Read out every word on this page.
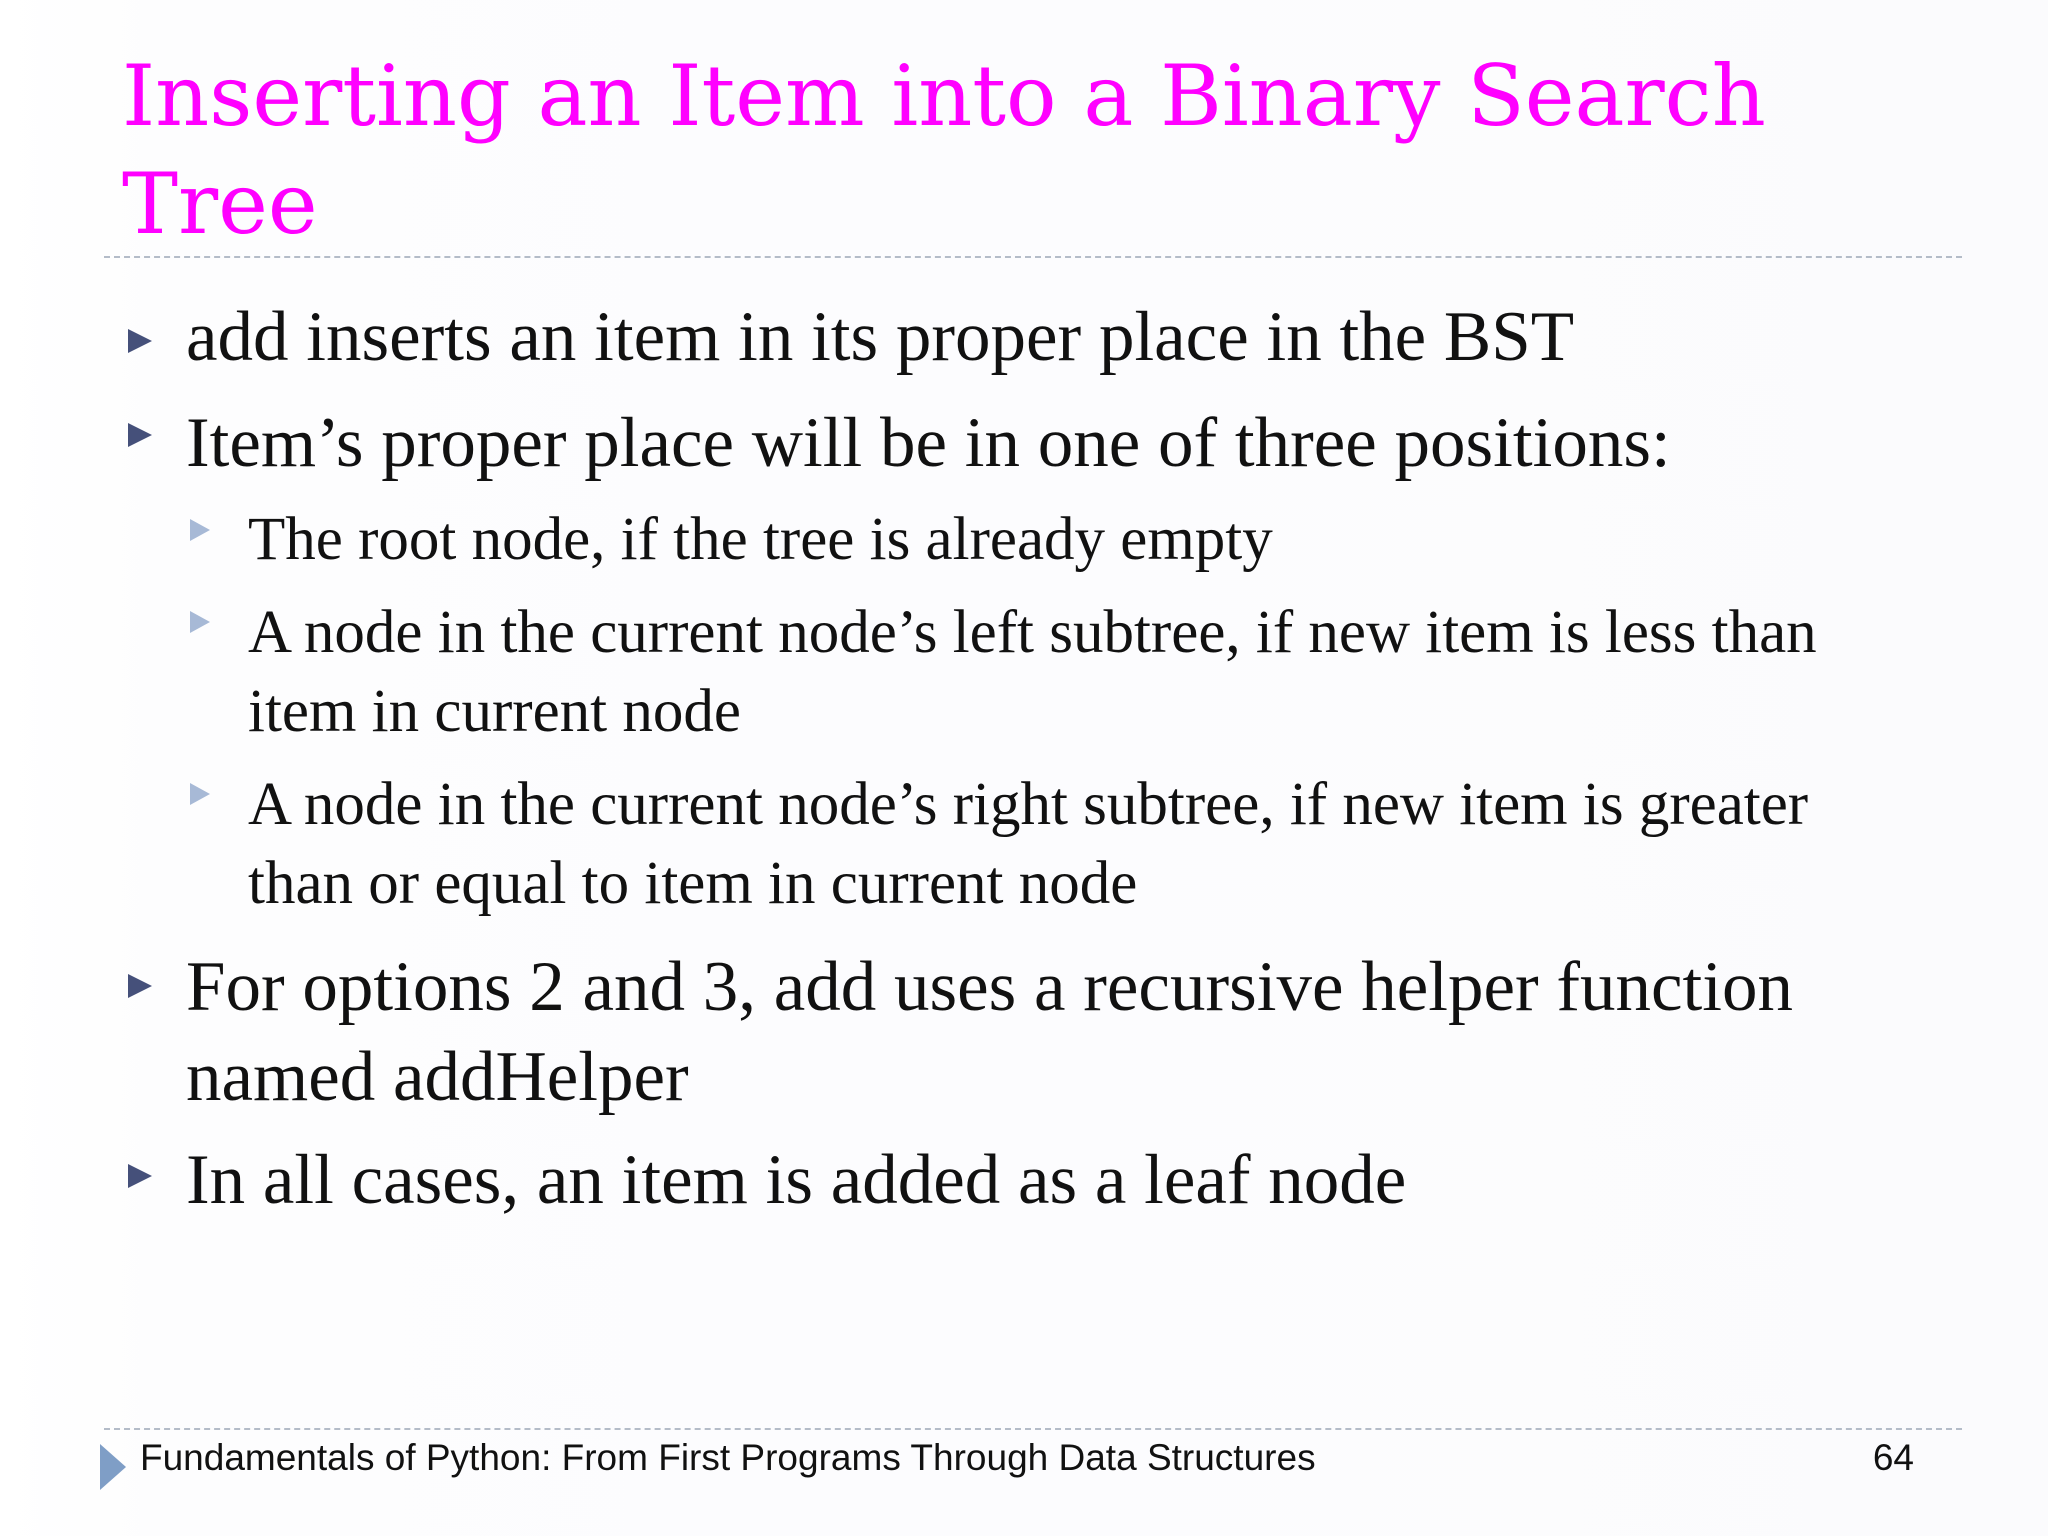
Inserting an Item into a Binary Search Tree
add inserts an item in its proper place in the BST
Item’s proper place will be in one of three positions:
The root node, if the tree is already empty
A node in the current node’s left subtree, if new item is less than item in current node
A node in the current node’s right subtree, if new item is greater than or equal to item in current node
For options 2 and 3, add uses a recursive helper function named addHelper
In all cases, an item is added as a leaf node
Fundamentals of Python: From First Programs Through Data Structures	64
